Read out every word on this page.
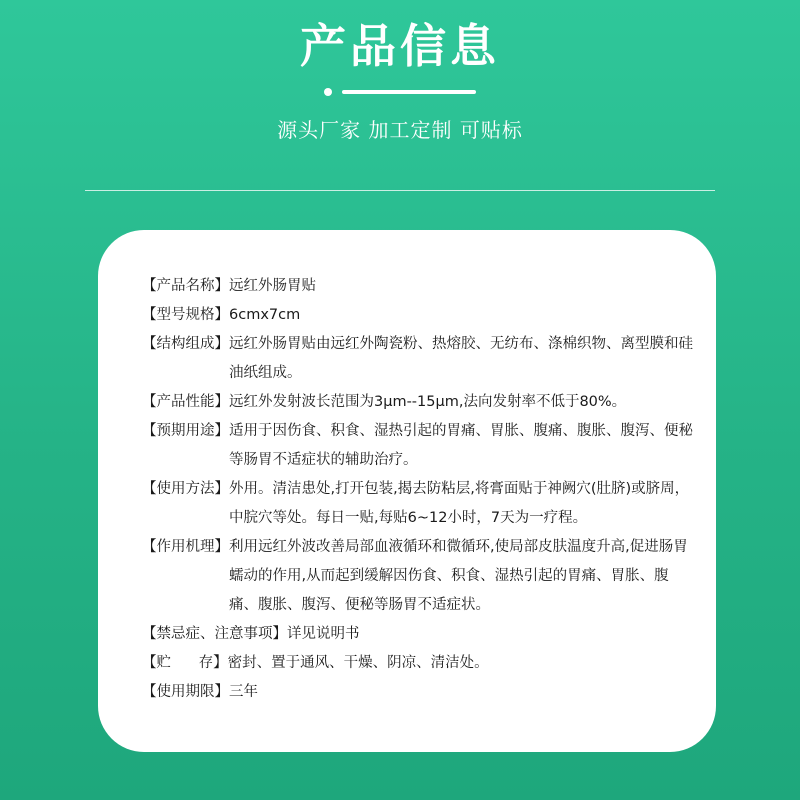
产品信息
源头厂家 加工定制 可贴标
【产品名称】 远红外肠胃贴
【型号规格】 6cmx7cm
【结构组成】 远红外肠胃贴由远红外陶瓷粉、热熔胶、无纺布、涤棉织物、离型膜和硅油纸组成。
【产品性能】 远红外发射波长范围为3μm--15μm,法向发射率不低于80%。
【预期用途】 适用于因伤食、积食、湿热引起的胃痛、胃胀、腹痛、腹胀、腹泻、便秘等肠胃不适症状的辅助治疗。
【使用方法】 外用。清洁患处,打开包装,揭去防粘层,将膏面贴于神阙穴(肚脐)或脐周，中脘穴等处。每日一贴,每贴6~12小时，7天为一疗程。
【作用机理】 利用远红外波改善局部血液循环和微循环,使局部皮肤温度升高,促进肠胃蠕动的作用,从而起到缓解因伤食、积食、湿热引起的胃痛、胃胀、腹痛、腹胀、腹泻、便秘等肠胃不适症状。
【禁忌症、注意事项】 详见说明书
【贮      存】 密封、置于通风、干燥、阴凉、清洁处。
【使用期限】 三年
